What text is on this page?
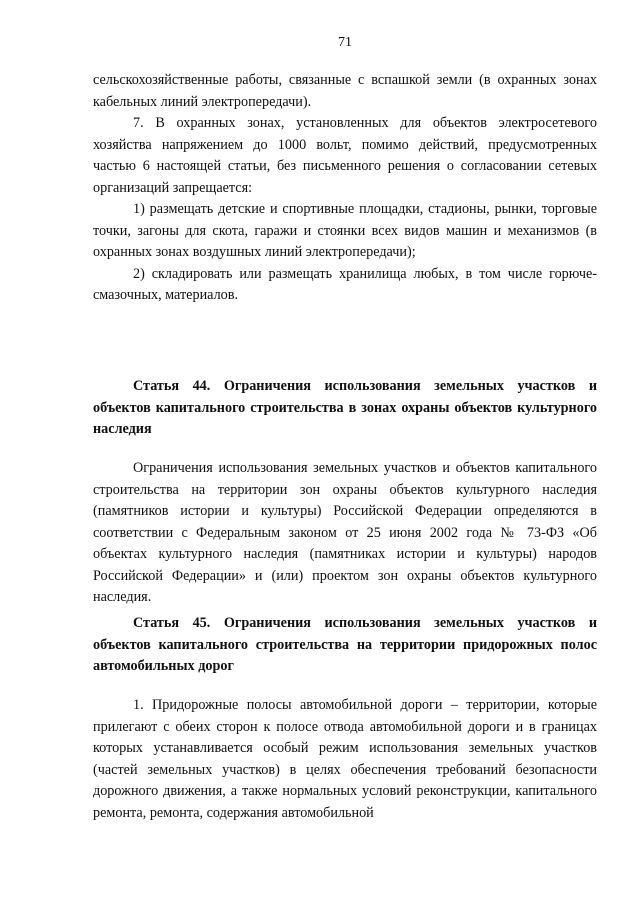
71

сельскохозяйственные работы, связанные с вспашкой земли (в охранных зонах кабельных линий электропередачи).

7. В охранных зонах, установленных для объектов электросетевого хозяйства напряжением до 1000 вольт, помимо действий, предусмотренных частью 6 настоящей статьи, без письменного решения о согласовании сетевых организаций запрещается:

1) размещать детские и спортивные площадки, стадионы, рынки, торговые точки, загоны для скота, гаражи и стоянки всех видов машин и механизмов (в охранных зонах воздушных линий электропередачи);

2) складировать или размещать хранилища любых, в том числе горюче-смазочных, материалов.

Статья 44. Ограничения использования земельных участков и объектов капитального строительства в зонах охраны объектов культурного наследия

Ограничения использования земельных участков и объектов капитального строительства на территории зон охраны объектов культурного наследия (памятников истории и культуры) Российской Федерации определяются в соответствии с Федеральным законом от 25 июня 2002 года № 73-ФЗ «Об объектах культурного наследия (памятниках истории и культуры) народов Российской Федерации» и (или) проектом зон охраны объектов культурного наследия.

Статья 45. Ограничения использования земельных участков и объектов капитального строительства на территории придорожных полос автомобильных дорог

1. Придорожные полосы автомобильной дороги – территории, которые прилегают с обеих сторон к полосе отвода автомобильной дороги и в границах которых устанавливается особый режим использования земельных участков (частей земельных участков) в целях обеспечения требований безопасности дорожного движения, а также нормальных условий реконструкции, капитального ремонта, ремонта, содержания автомобильной
